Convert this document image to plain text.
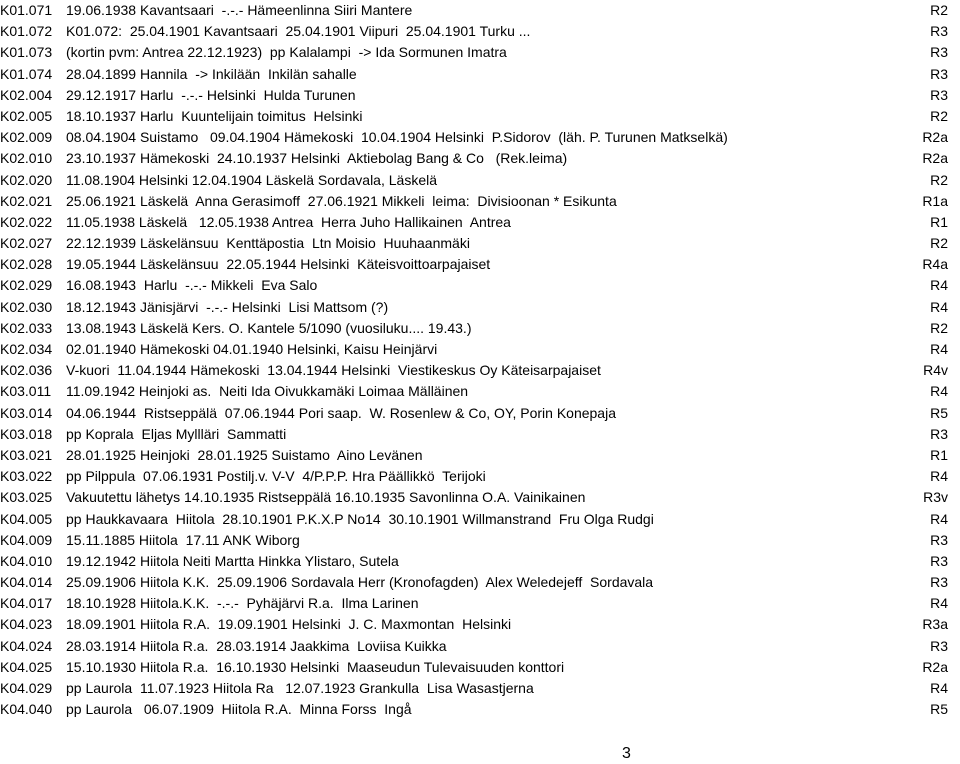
K01.071 19.06.1938 Kavantsaari  -.-.- Hämeenlinna Siiri Mantere	R2
K01.072 K01.072:  25.04.1901 Kavantsaari  25.04.1901 Viipuri  25.04.1901 Turku ...	R3
K01.073 (kortin pvm: Antrea 22.12.1923)  pp Kalalampi  -> Ida Sormunen Imatra	R3
K01.074 28.04.1899 Hannila  -> Inkilään  Inkilän sahalle	R3
K02.004 29.12.1917 Harlu  -.-.- Helsinki  Hulda Turunen	R3
K02.005 18.10.1937 Harlu  Kuuntelijain toimitus  Helsinki	R2
K02.009 08.04.1904 Suistamo   09.04.1904 Hämekoski  10.04.1904 Helsinki  P.Sidorov  (läh. P. Turunen Matkselkä)	R2a
K02.010 23.10.1937 Hämekoski  24.10.1937 Helsinki  Aktiebolag Bang & Co   (Rek.leima)	R2a
K02.020 11.08.1904 Helsinki 12.04.1904 Läskelä Sordavala, Läskelä	R2
K02.021 25.06.1921 Läskelä  Anna Gerasimoff  27.06.1921 Mikkeli  leima:  Divisioonan * Esikunta	R1a
K02.022 11.05.1938 Läskelä   12.05.1938 Antrea  Herra Juho Hallikainen  Antrea	R1
K02.027 22.12.1939 Läskelänsuu  Kenttäpostia  Ltn Moisio  Huuhaanmäki	R2
K02.028 19.05.1944 Läskelänsuu  22.05.1944 Helsinki  Käteisvoittoarpajaiset	R4a
K02.029 16.08.1943  Harlu  -.-.- Mikkeli  Eva Salo	R4
K02.030 18.12.1943 Jänisjärvi  -.-.- Helsinki  Lisi Mattsom (?)	R4
K02.033 13.08.1943 Läskelä Kers. O. Kantele 5/1090 (vuosiluku.... 19.43.)	R2
K02.034 02.01.1940 Hämekoski 04.01.1940 Helsinki, Kaisu Heinjärvi	R4
K02.036 V-kuori  11.04.1944 Hämekoski  13.04.1944 Helsinki  Viestikeskus Oy Käteisarpajaiset	R4v
K03.011 11.09.1942 Heinjoki as.  Neiti Ida Oivukkamäki Loimaa Mälläinen	R4
K03.014 04.06.1944  Ristseppälä  07.06.1944 Pori saap.  W. Rosenlew & Co, OY, Porin Konepaja	R5
K03.018 pp Koprala  Eljas Myllläri  Sammatti	R3
K03.021 28.01.1925 Heinjoki  28.01.1925 Suistamo  Aino Levänen	R1
K03.022 pp Pilppula  07.06.1931 Postilj.v. V-V  4/P.P.P. Hra Päällikkö  Terijoki	R4
K03.025 Vakuutettu lähetys 14.10.1935 Ristseppälä 16.10.1935 Savonlinna O.A. Vainikainen	R3v
K04.005 pp Haukkavaara  Hiitola  28.10.1901 P.K.X.P No14  30.10.1901 Willmanstrand  Fru Olga Rudgi	R4
K04.009 15.11.1885 Hiitola  17.11 ANK Wiborg	R3
K04.010 19.12.1942 Hiitola Neiti Martta Hinkka Ylistaro, Sutela	R3
K04.014 25.09.1906 Hiitola K.K.  25.09.1906 Sordavala Herr (Kronofagden)  Alex Weledejeff  Sordavala	R3
K04.017 18.10.1928 Hiitola.K.K.  -.-.-  Pyhäjärvi R.a.  Ilma Larinen	R4
K04.023 18.09.1901 Hiitola R.A.  19.09.1901 Helsinki  J. C. Maxmontan  Helsinki	R3a
K04.024 28.03.1914 Hiitola R.a.  28.03.1914 Jaakkima  Loviisa Kuikka	R3
K04.025 15.10.1930 Hiitola R.a.  16.10.1930 Helsinki  Maaseudun Tulevaisuuden konttori	R2a
K04.029 pp Laurola  11.07.1923 Hiitola Ra   12.07.1923 Grankulla  Lisa Wasastjerna	R4
K04.040 pp Laurola   06.07.1909  Hiitola R.A.  Minna Forss  Ingå	R5
3
